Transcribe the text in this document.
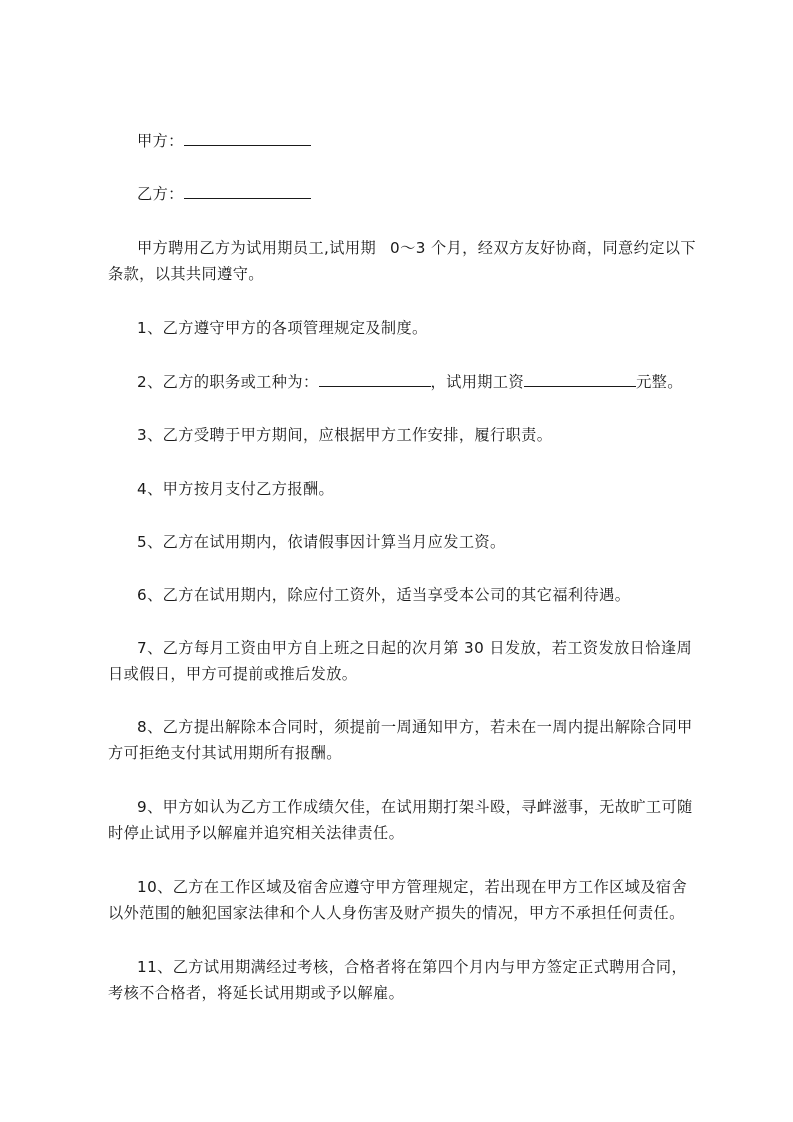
甲方：

乙方：

甲方聘用乙方为试用期员工,试用期 0～3 个月，经双方友好协商，同意约定以下

条款，以其共同遵守。

1、乙方遵守甲方的各项管理规定及制度。

2、乙方的职务或工种为：	，试用期工资	元整。

3、乙方受聘于甲方期间，应根据甲方工作安排，履行职责。

4、甲方按月支付乙方报酬。

5、乙方在试用期内，依请假事因计算当月应发工资。

6、乙方在试用期内，除应付工资外，适当享受本公司的其它福利待遇。

7、乙方每月工资由甲方自上班之日起的次月第 30 日发放，若工资发放日恰逢周

日或假日，甲方可提前或推后发放。

8、乙方提出解除本合同时，须提前一周通知甲方，若未在一周内提出解除合同甲

方可拒绝支付其试用期所有报酬。

9、甲方如认为乙方工作成绩欠佳，在试用期打架斗殴，寻衅滋事，无故旷工可随

时停止试用予以解雇并追究相关法律责任。

10、乙方在工作区域及宿舍应遵守甲方管理规定，若出现在甲方工作区域及宿舍

以外范围的触犯国家法律和个人人身伤害及财产损失的情况，甲方不承担任何责任。

11、乙方试用期满经过考核，合格者将在第四个月内与甲方签定正式聘用合同，

考核不合格者，将延长试用期或予以解雇。
